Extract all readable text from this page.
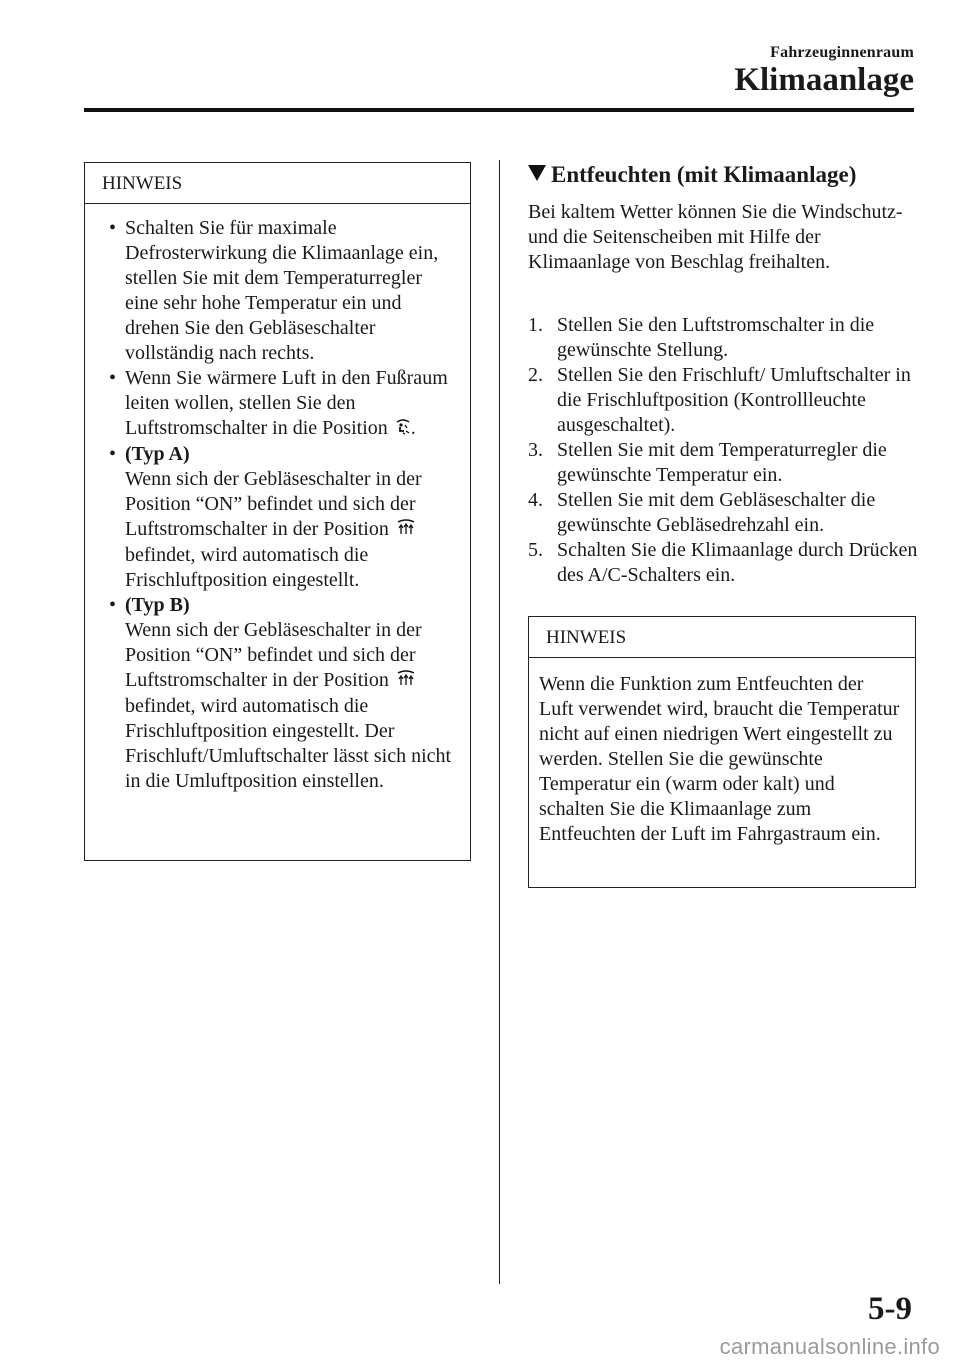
Fahrzeuginnenraum
Klimaanlage
HINWEIS
• Schalten Sie für maximale Defrosterwirkung die Klimaanlage ein, stellen Sie mit dem Temperaturregler eine sehr hohe Temperatur ein und drehen Sie den Gebläseschalter vollständig nach rechts.
• Wenn Sie wärmere Luft in den Fußraum leiten wollen, stellen Sie den Luftstromschalter in die Position .
• (Typ A)
Wenn sich der Gebläseschalter in der Position “ON” befindet und sich der Luftstromschalter in der Position  befindet, wird automatisch die Frischluftposition eingestellt.
• (Typ B)
Wenn sich der Gebläseschalter in der Position “ON” befindet und sich der Luftstromschalter in der Position  befindet, wird automatisch die Frischluftposition eingestellt. Der Frischluft/Umluftschalter lässt sich nicht in die Umluftposition einstellen.
Entfeuchten (mit Klimaanlage)
Bei kaltem Wetter können Sie die Windschutz- und die Seitenscheiben mit Hilfe der Klimaanlage von Beschlag freihalten.
1. Stellen Sie den Luftstromschalter in die gewünschte Stellung.
2. Stellen Sie den Frischluft/ Umluftschalter in die Frischluftposition (Kontrollleuchte ausgeschaltet).
3. Stellen Sie mit dem Temperaturregler die gewünschte Temperatur ein.
4. Stellen Sie mit dem Gebläseschalter die gewünschte Gebläsedrehzahl ein.
5. Schalten Sie die Klimaanlage durch Drücken des A/C-Schalters ein.
HINWEIS
Wenn die Funktion zum Entfeuchten der Luft verwendet wird, braucht die Temperatur nicht auf einen niedrigen Wert eingestellt zu werden. Stellen Sie die gewünschte Temperatur ein (warm oder kalt) und schalten Sie die Klimaanlage zum Entfeuchten der Luft im Fahrgastraum ein.
5-9
carmanualsonline.info
